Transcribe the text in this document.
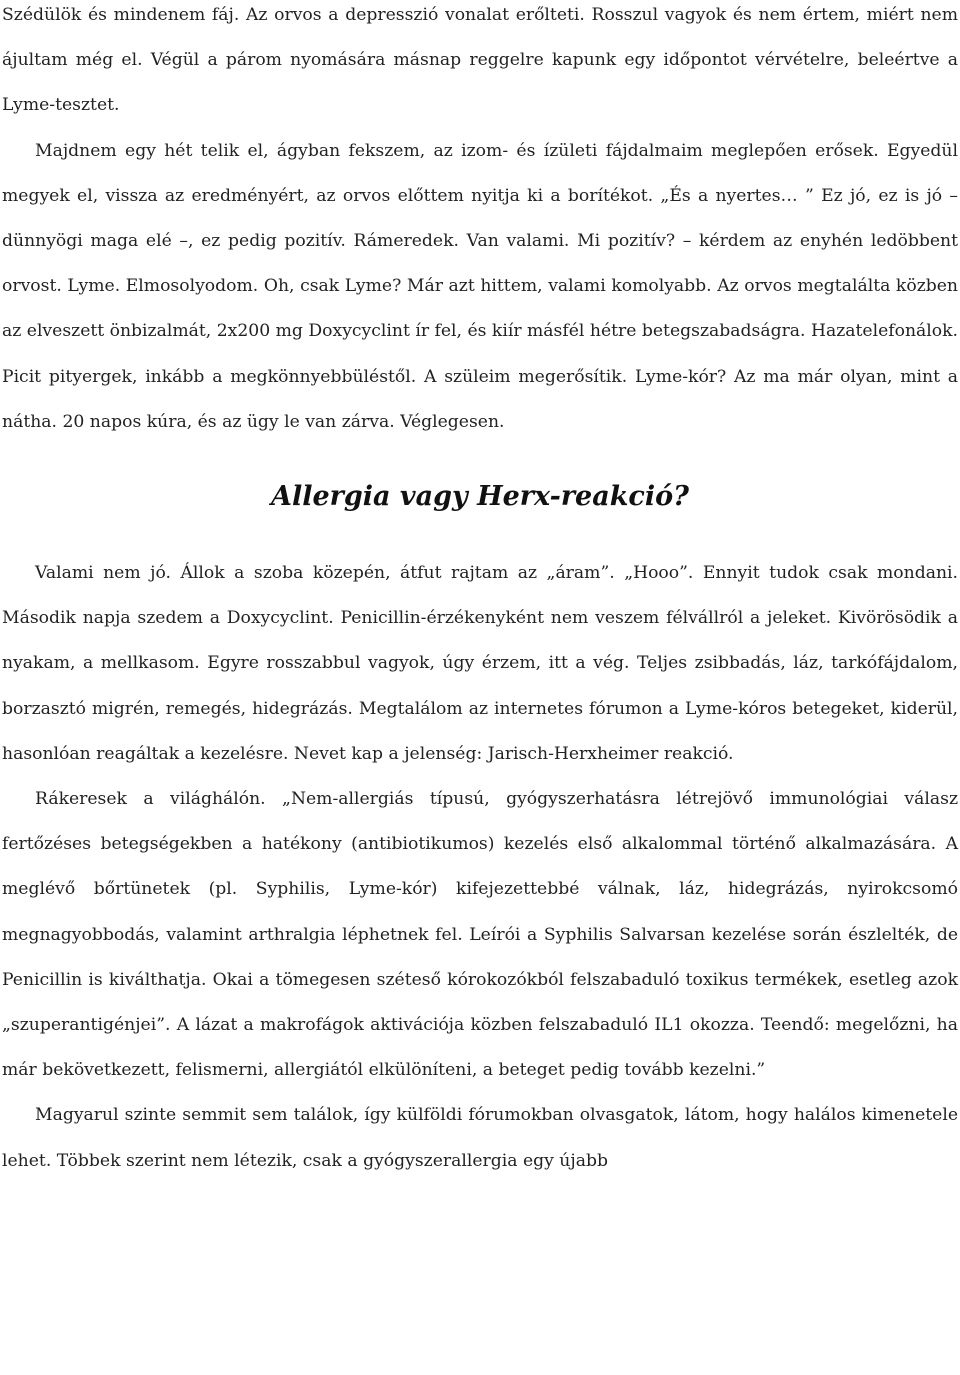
Szédülök és mindenem fáj. Az orvos a depresszió vonalat erőlteti. Rosszul vagyok és nem értem, miért nem ájultam még el. Végül a párom nyomására másnap reggelre kapunk egy időpontot vérvételre, beleértve a Lyme-tesztet.

Majdnem egy hét telik el, ágyban fekszem, az izom- és ízületi fájdalmaim meglepően erősek. Egyedül megyek el, vissza az eredményért, az orvos előttem nyitja ki a borítékot. „És a nyertes… ” Ez jó, ez is jó – dünnyögi maga elé –, ez pedig pozitív. Rámeredek. Van valami. Mi pozitív? – kérdem az enyhén ledöbbent orvost. Lyme. Elmosolyodom. Oh, csak Lyme? Már azt hittem, valami komolyabb. Az orvos megtalálta közben az elveszett önbizalmát, 2x200 mg Doxycyclint ír fel, és kiír másfél hétre betegszabadságra. Hazatelefonálok. Picit pityergek, inkább a megkönnyebbüléstől. A szüleim megerősítik. Lyme-kór? Az ma már olyan, mint a nátha. 20 napos kúra, és az ügy le van zárva. Véglegesen.

Allergia vagy Herx-reakció?

Valami nem jó. Állok a szoba közepén, átfut rajtam az „áram”. „Hooo”. Ennyit tudok csak mondani. Második napja szedem a Doxycyclint. Penicillin-érzékenyként nem veszem félvállról a jeleket. Kivörösödik a nyakam, a mellkasom. Egyre rosszabbul vagyok, úgy érzem, itt a vég. Teljes zsibbadás, láz, tarkófájdalom, borzasztó migrén, remegés, hidegrázás. Megtalálom az internetes fórumon a Lyme-kóros betegeket, kiderül, hasonlóan reagáltak a kezelésre. Nevet kap a jelenség: Jarisch-Herxheimer reakció.

Rákeresek a világhálón. „Nem-allergiás típusú, gyógyszerhatásra létrejövő immunológiai válasz fertőzéses betegségekben a hatékony (antibiotikumos) kezelés első alkalommal történő alkalmazására. A meglévő bőrtünetek (pl. Syphilis, Lyme-kór) kifejezettebbé válnak, láz, hidegrázás, nyirokcsomó megnagyobbodás, valamint arthralgia léphetnek fel. Leírói a Syphilis Salvarsan kezelése során észlelték, de Penicillin is kiválthatja. Okai a tömegesen széteső kórokozókból felszabaduló toxikus termékek, esetleg azok „szuperantigénjei”. A lázat a makrofágok aktivációja közben felszabaduló IL1 okozza. Teendő: megelőzni, ha már bekövetkezett, felismerni, allergiától elkülöníteni, a beteget pedig tovább kezelni.”

Magyarul szinte semmit sem találok, így külföldi fórumokban olvasgatok, látom, hogy halálos kimenetele lehet. Többek szerint nem létezik, csak a gyógyszerallergia egy újabb
